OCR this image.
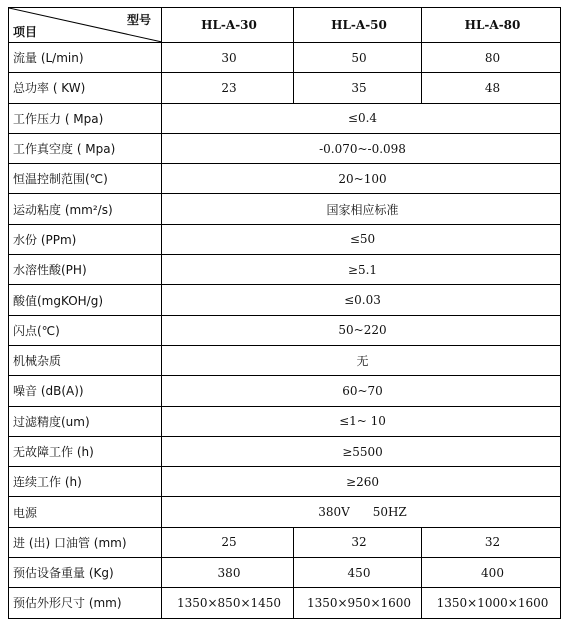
型号
项目	HL-A-30	HL-A-50	HL-A-80
流量 (L/min)	30	50	80
总功率 ( KW)	23	35	48
工作压力 ( Mpa)	≤0.4		
工作真空度 ( Mpa)	-0.070~-0.098		
恒温控制范围(℃)	20~100		
运动粘度 (mm²/s)	国家相应标准		
水份 (PPm)	≤50		
水溶性酸(PH)	≥5.1		
酸值(mgKOH/g)	≤0.03		
闪点(℃)	50~220		
机械杂质	无		
噪音 (dB(A))	60~70		
过滤精度(um)	≤1~ 10		
无故障工作 (h)	≥5500		
连续工作 (h)	≥260		
电源	380V      50HZ		
进 (出) 口油管 (mm)	25	32	32
预估设备重量 (Kg)	380	450	400
预估外形尺寸 (mm)	1350×850×1450	1350×950×1600	1350×1000×1600
